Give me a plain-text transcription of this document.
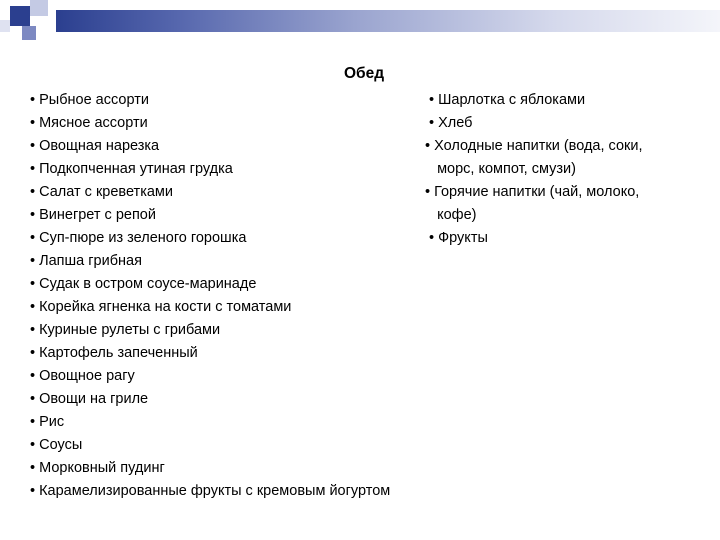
Обед
• Рыбное ассорти
• Мясное ассорти
• Овощная нарезка
• Подкопченная утиная грудка
• Салат с креветками
• Винегрет с репой
• Суп-пюре из зеленого горошка
• Лапша грибная
• Судак в остром соусе-маринаде
• Корейка ягненка на кости с томатами
• Куриные рулеты с грибами
• Картофель запеченный
• Овощное рагу
• Овощи на гриле
• Рис
• Соусы
• Морковный пудинг
• Карамелизированные фрукты с кремовым йогуртом
• Шарлотка с яблоками
• Хлеб
• Холодные напитки (вода, соки,
морс, компот, смузи)
• Горячие напитки (чай, молоко,
кофе)
• Фрукты
